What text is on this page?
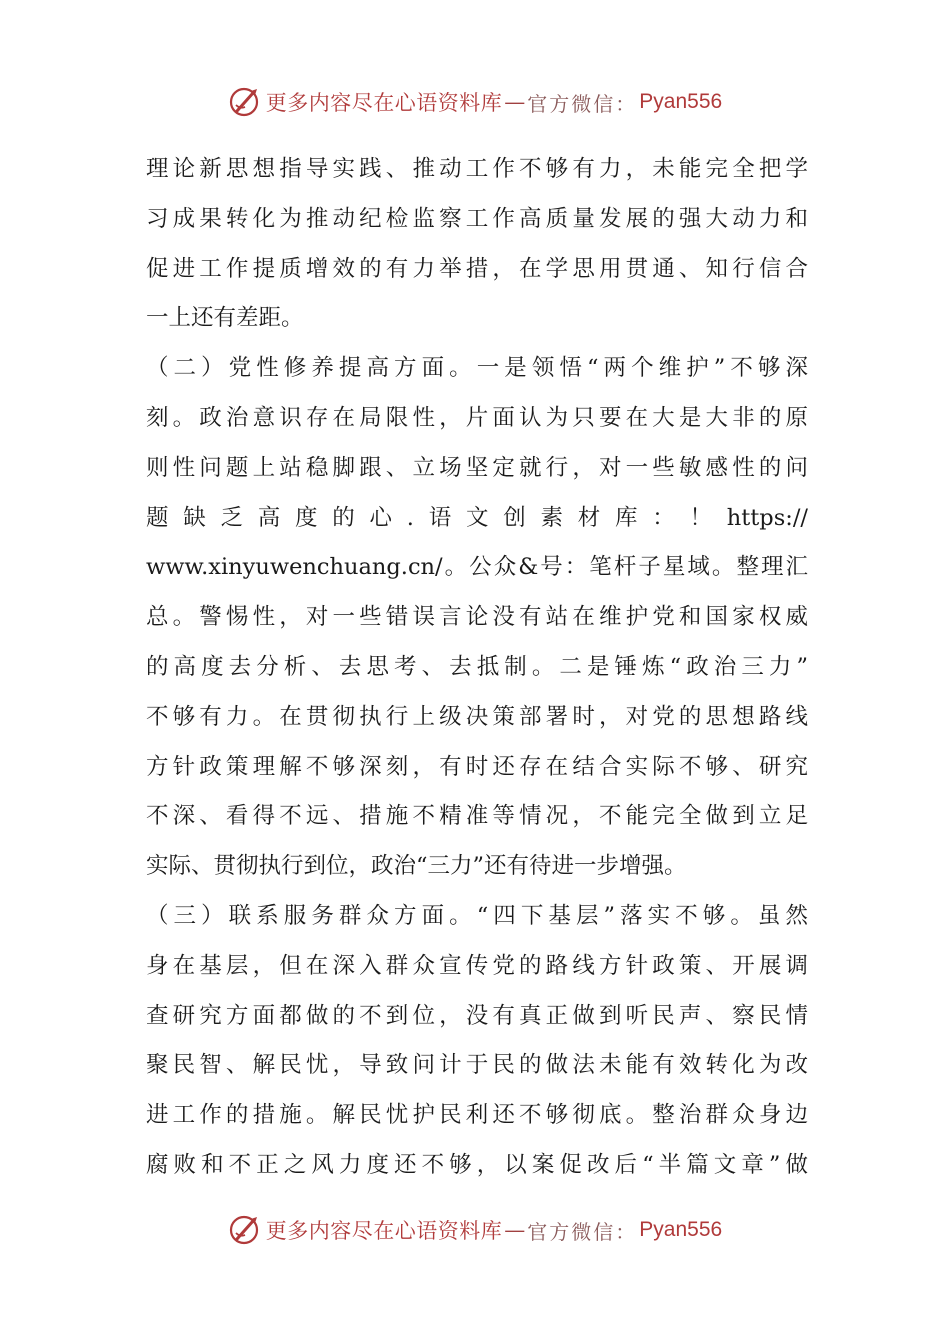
更多内容尽在心语资料库 — 官方微信： Pyan556
理论新思想指导实践、推动工作不够有力，未能完全把学
习成果转化为推动纪检监察工作高质量发展的强大动力和
促进工作提质增效的有力举措，在学思用贯通、知行信合
一上还有差距。
（二）党性修养提高方面。一是领悟“两个维护”不够深
刻。政治意识存在局限性，片面认为只要在大是大非的原
则性问题上站稳脚跟、立场坚定就行，对一些敏感性的问
题缺乏高度的心.语文创素材库：！https://
www.xinyuwenchuang.cn/。公众&号：笔杆子星域。整理汇
总。警惕性，对一些错误言论没有站在维护党和国家权威
的高度去分析、去思考、去抵制。二是锤炼“政治三力”
不够有力。在贯彻执行上级决策部署时，对党的思想路线
方针政策理解不够深刻，有时还存在结合实际不够、研究
不深、看得不远、措施不精准等情况，不能完全做到立足
实际、贯彻执行到位，政治“三力”还有待进一步增强。
（三）联系服务群众方面。“四下基层”落实不够。虽然
身在基层，但在深入群众宣传党的路线方针政策、开展调
查研究方面都做的不到位，没有真正做到听民声、察民情
聚民智、解民忧，导致问计于民的做法未能有效转化为改
进工作的措施。解民忧护民利还不够彻底。整治群众身边
腐败和不正之风力度还不够，以案促改后“半篇文章”做
更多内容尽在心语资料库 — 官方微信： Pyan556
